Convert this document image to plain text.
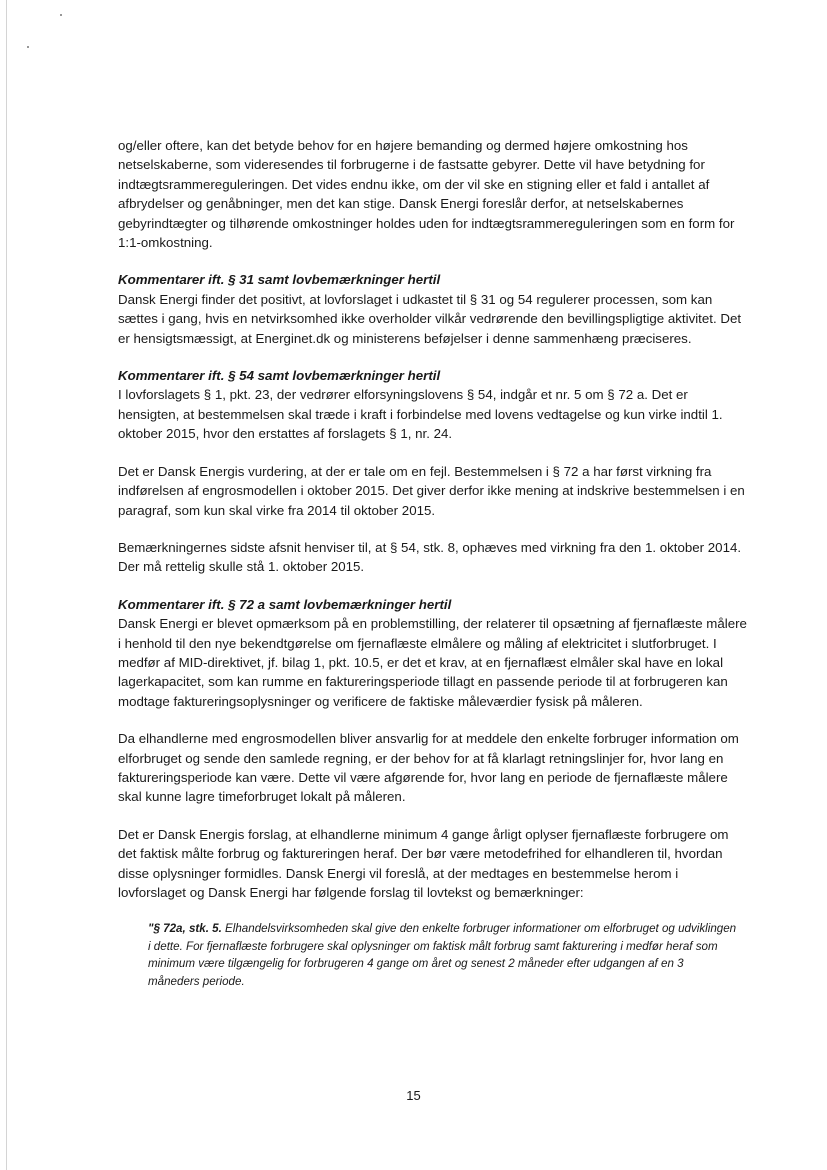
og/eller oftere, kan det betyde behov for en højere bemanding og dermed højere omkostning hos netselskaberne, som videresendes til forbrugerne i de fastsatte gebyrer. Dette vil have betydning for indtægtsrammereguleringen. Det vides endnu ikke, om der vil ske en stigning eller et fald i antallet af afbrydelser og genåbninger, men det kan stige. Dansk Energi foreslår derfor, at netselskabernes gebyrindtægter og tilhørende omkostninger holdes uden for indtægtsrammereguleringen som en form for 1:1-omkostning.

Kommentarer ift. § 31 samt lovbemærkninger hertil

Dansk Energi finder det positivt, at lovforslaget i udkastet til § 31 og 54 regulerer processen, som kan sættes i gang, hvis en netvirksomhed ikke overholder vilkår vedrørende den bevillingspligtige aktivitet. Det er hensigtsmæssigt, at Energinet.dk og ministerens beføjelser i denne sammenhæng præciseres.

Kommentarer ift. § 54 samt lovbemærkninger hertil

I lovforslagets § 1, pkt. 23, der vedrører elforsyningslovens § 54, indgår et nr. 5 om § 72 a. Det er hensigten, at bestemmelsen skal træde i kraft i forbindelse med lovens vedtagelse og kun virke indtil 1. oktober 2015, hvor den erstattes af forslagets § 1, nr. 24.

Det er Dansk Energis vurdering, at der er tale om en fejl. Bestemmelsen i § 72 a har først virkning fra indførelsen af engrosmodellen i oktober 2015. Det giver derfor ikke mening at indskrive bestemmelsen i en paragraf, som kun skal virke fra 2014 til oktober 2015.

Bemærkningernes sidste afsnit henviser til, at § 54, stk. 8, ophæves med virkning fra den 1. oktober 2014. Der må rettelig skulle stå 1. oktober 2015.

Kommentarer ift. § 72 a samt lovbemærkninger hertil

Dansk Energi er blevet opmærksom på en problemstilling, der relaterer til opsætning af fjernaflæste målere i henhold til den nye bekendtgørelse om fjernaflæste elmålere og måling af elektricitet i slutforbruget. I medfør af MID-direktivet, jf. bilag 1, pkt. 10.5, er det et krav, at en fjernaflæst elmåler skal have en lokal lagerkapacitet, som kan rumme en faktureringsperiode tillagt en passende periode til at forbrugeren kan modtage faktureringsoplysninger og verificere de faktiske måleværdier fysisk på måleren.

Da elhandlerne med engrosmodellen bliver ansvarlig for at meddele den enkelte forbruger information om elforbruget og sende den samlede regning, er der behov for at få klarlagt retningslinjer for, hvor lang en faktureringsperiode kan være. Dette vil være afgørende for, hvor lang en periode de fjernaflæste målere skal kunne lagre timeforbruget lokalt på måleren.

Det er Dansk Energis forslag, at elhandlerne minimum 4 gange årligt oplyser fjernaflæste forbrugere om det faktisk målte forbrug og faktureringen heraf. Der bør være metodefrihed for elhandleren til, hvordan disse oplysninger formidles. Dansk Energi vil foreslå, at der medtages en bestemmelse herom i lovforslaget og Dansk Energi har følgende forslag til lovtekst og bemærkninger:

"§ 72a, stk. 5. Elhandelsvirksomheden skal give den enkelte forbruger informationer om elforbruget og udviklingen i dette. For fjernaflæste forbrugere skal oplysninger om faktisk målt forbrug samt fakturering i medfør heraf som minimum være tilgængelig for forbrugeren 4 gange om året og senest 2 måneder efter udgangen af en 3 måneders periode.

15
